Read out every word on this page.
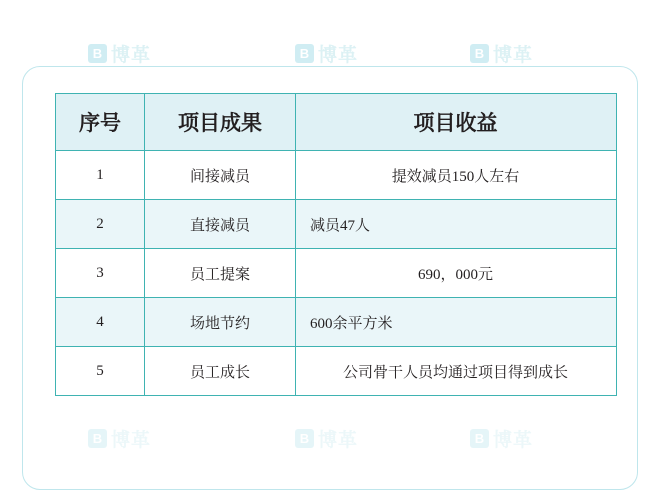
B 博革	B 博革	B 博革
B 博革	B 博革	B 博革
序号	项目成果	项目收益
1	间接减员	提效减员150人左右
2	直接减员	减员47人
3	员工提案	690，000元
4	场地节约	600余平方米
5	员工成长	公司骨干人员均通过项目得到成长
